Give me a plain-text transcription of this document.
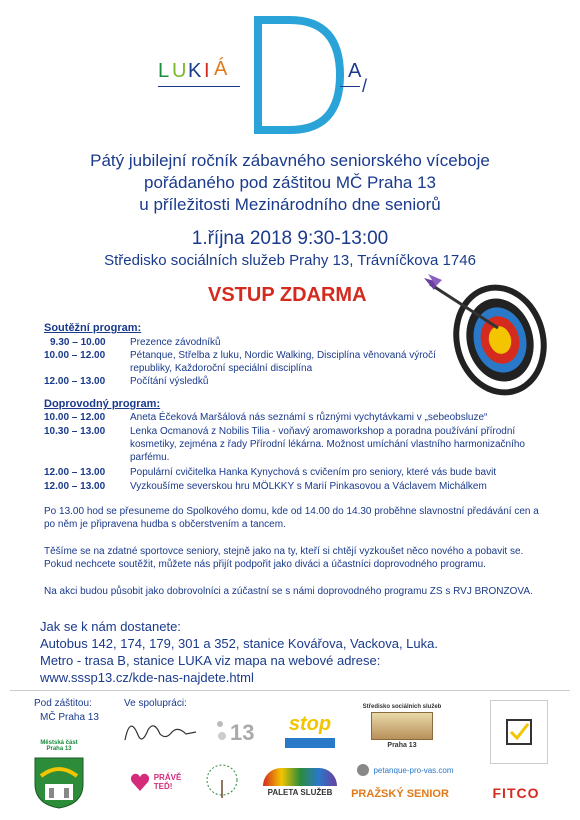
L U K I Á	A
/
Pátý jubilejní ročník zábavného seniorského víceboje
pořádaného pod záštitou MČ Praha 13
u příležitosti Mezinárodního dne seniorů
1.října 2018 9:30-13:00
Středisko sociálních služeb Prahy 13, Trávníčkova 1746
VSTUP ZDARMA
Soutěžní program:
9.30 – 10.00 Prezence závodníků
10.00 – 12.00 Pétanque, Střelba z luku, Nordic Walking, Disciplína věnovaná výročí republiky, Každoroční speciální disciplína
12.00 – 13.00 Počítání výsledků
Doprovodný program:
10.00 – 12.00 Aneta Éčeková Maršálová nás seznámí s různými vychytávkami v „sebeobsluze“
10.30 – 13.00 Lenka Ocmanová z Nobilis Tilia - voňavý aromaworkshop a poradna používání přírodní kosmetiky, zejména z řady Přírodní lékárna. Možnost umíchání vlastního harmonizačního parfému.
12.00 – 13.00 Populární cvičitelka Hanka Kynychová s cvičením pro seniory, které vás bude bavit
12.00 – 13.00 Vyzkoušíme severskou hru MÖLKKY s Marií Pinkasovou a Václavem Michálkem
Po 13.00 hod se přesuneme do Spolkového domu, kde od 14.00 do 14.30 proběhne slavnostní předávání cen a po něm je připravena hudba s občerstvením a tancem.
Těšíme se na zdatné sportovce seniory, stejně jako na ty, kteří si chtějí vyzkoušet něco nového a pobavit se. Pokud nechcete soutěžit, můžete nás přijít podpořit jako diváci a účastníci doprovodného programu.
Na akci budou působit jako dobrovolníci a zúčastní se s námi doprovodného programu ZS s RVJ BRONZOVA.
Jak se k nám dostanete:
Autobus 142, 174, 179, 301 a 352, stanice Kovářova, Vackova, Luka.
Metro - trasa B, stanice LUKA viz mapa na webové adrese:
www.sssp13.cz/kde-nas-najdete.html
Pod záštitou:
MČ Praha 13
Ve spolupráci:
Městská část Praha 13
13 stop
Středisko sociálních služeb
Praha 13
PRÁVĚ
TEĎ!
PALETA SLUŽEB
petanque-pro-vas.com
PRAŽSKÝ SENIOR	FITCO
